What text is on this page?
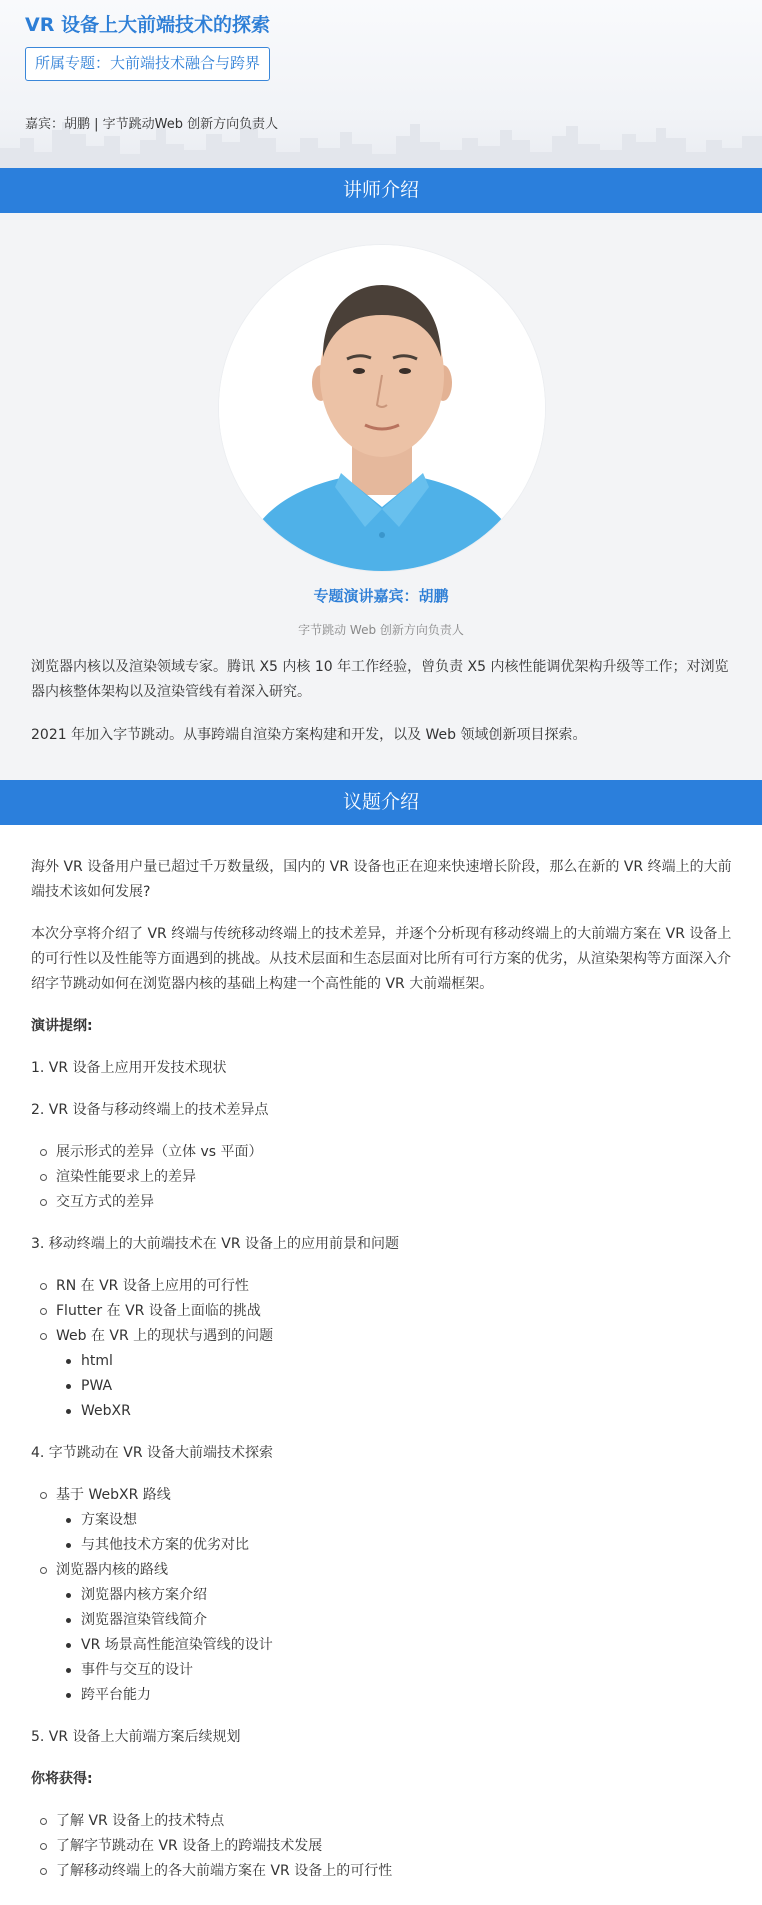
VR 设备上大前端技术的探索
所属专题：大前端技术融合与跨界
嘉宾：胡鹏 | 字节跳动Web 创新方向负责人
讲师介绍
专题演讲嘉宾：胡鹏
字节跳动 Web 创新方向负责人

浏览器内核以及渲染领域专家。腾讯 X5 内核 10 年工作经验，曾负责 X5 内核性能调优架构升级等工作；对浏览器内核整体架构以及渲染管线有着深入研究。

2021 年加入字节跳动。从事跨端自渲染方案构建和开发，以及 Web 领域创新项目探索。

议题介绍

海外 VR 设备用户量已超过千万数量级，国内的 VR 设备也正在迎来快速增长阶段，那么在新的 VR 终端上的大前端技术该如何发展?

本次分享将介绍了 VR 终端与传统移动终端上的技术差异，并逐个分析现有移动终端上的大前端方案在 VR 设备上的可行性以及性能等方面遇到的挑战。从技术层面和生态层面对比所有可行方案的优劣，从渲染架构等方面深入介绍字节跳动如何在浏览器内核的基础上构建一个高性能的 VR 大前端框架。

演讲提纲:

1. VR 设备上应用开发技术现状

2. VR 设备与移动终端上的技术差异点

展示形式的差异（立体 vs 平面）
渲染性能要求上的差异
交互方式的差异

3. 移动终端上的大前端技术在 VR 设备上的应用前景和问题

RN 在 VR 设备上应用的可行性
Flutter 在 VR 设备上面临的挑战
Web 在 VR 上的现状与遇到的问题
html
PWA
WebXR

4. 字节跳动在 VR 设备大前端技术探索

基于 WebXR 路线
方案设想
与其他技术方案的优劣对比
浏览器内核的路线
浏览器内核方案介绍
浏览器渲染管线简介
VR 场景高性能渲染管线的设计
事件与交互的设计
跨平台能力

5. VR 设备上大前端方案后续规划

你将获得:

了解 VR 设备上的技术特点
了解字节跳动在 VR 设备上的跨端技术发展
了解移动终端上的各大前端方案在 VR 设备上的可行性
